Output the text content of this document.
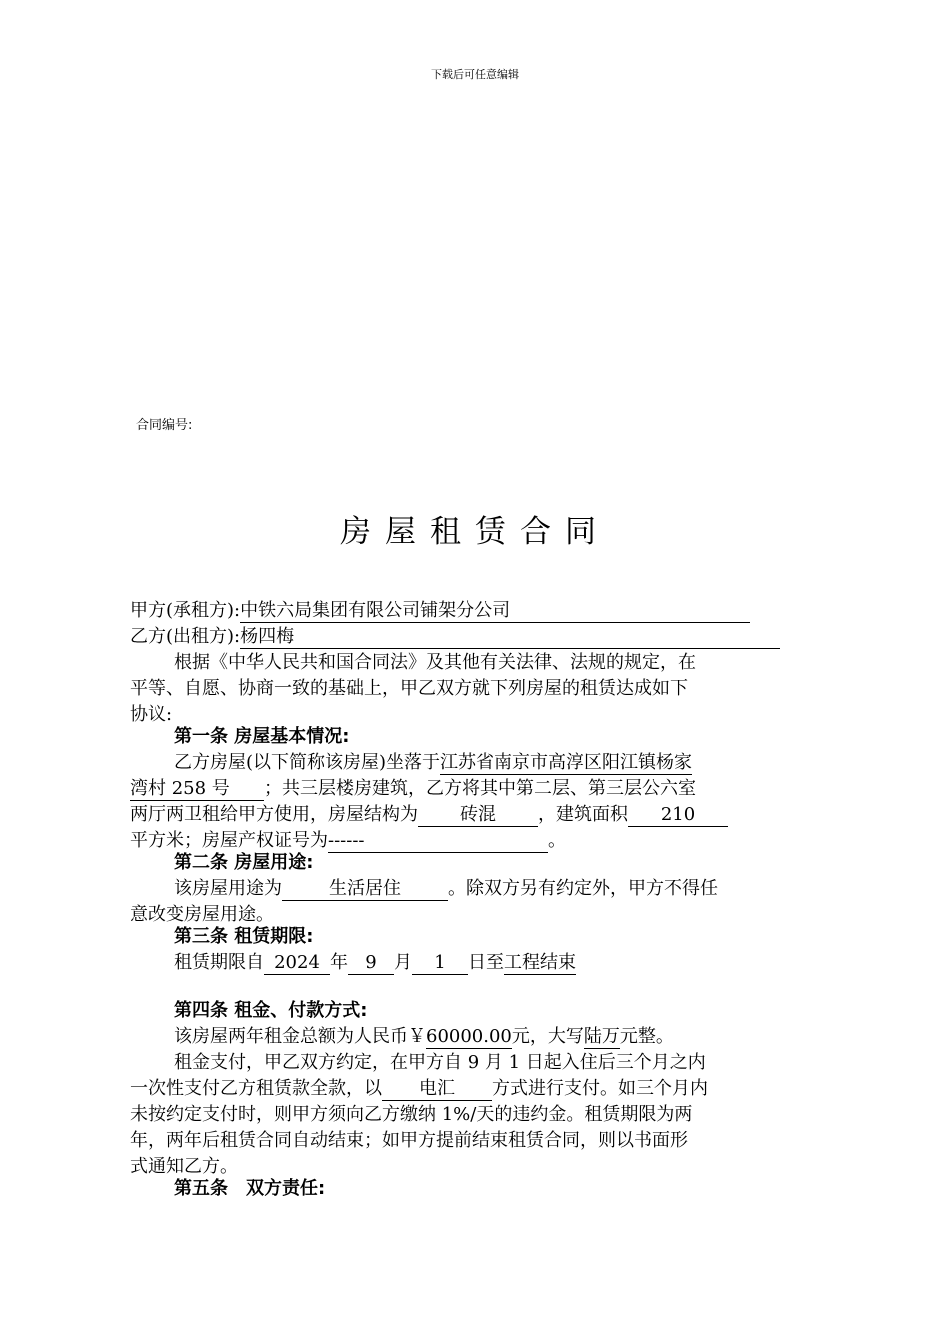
下载后可任意编辑
合同编号:
房屋租赁合同
甲方(承租方):中铁六局集团有限公司铺架分公司
乙方(出租方):杨四梅
根据《中华人民共和国合同法》及其他有关法律、法规的规定，在
平等、自愿、协商一致的基础上，甲乙双方就下列房屋的租赁达成如下
协议:
第一条 房屋基本情况:
乙方房屋(以下简称该房屋)坐落于江苏省南京市高淳区阳江镇杨家
湾村 258 号 ；共三层楼房建筑，乙方将其中第二层、第三层公六室
两厅两卫租给甲方使用，房屋结构为 砖混 ，建筑面积 210
平方米；房屋产权证号为------	。
第二条 房屋用途:
该房屋用途为	生活居住	。除双方另有约定外，甲方不得任
意改变房屋用途。
第三条 租赁期限:
租赁期限自 2024 年 9 月 1 日至工程结束
第四条 租金、付款方式:
该房屋两年租金总额为人民币￥60000.00元，大写陆万元整。
租金支付，甲乙双方约定，在甲方自 9 月 1 日起入住后三个月之内
一次性支付乙方租赁款全款，以 电汇 方式进行支付。如三个月内
未按约定支付时，则甲方须向乙方缴纳 1%/天的违约金。租赁期限为两
年，两年后租赁合同自动结束；如甲方提前结束租赁合同，则以书面形
式通知乙方。
第五条　双方责任:
